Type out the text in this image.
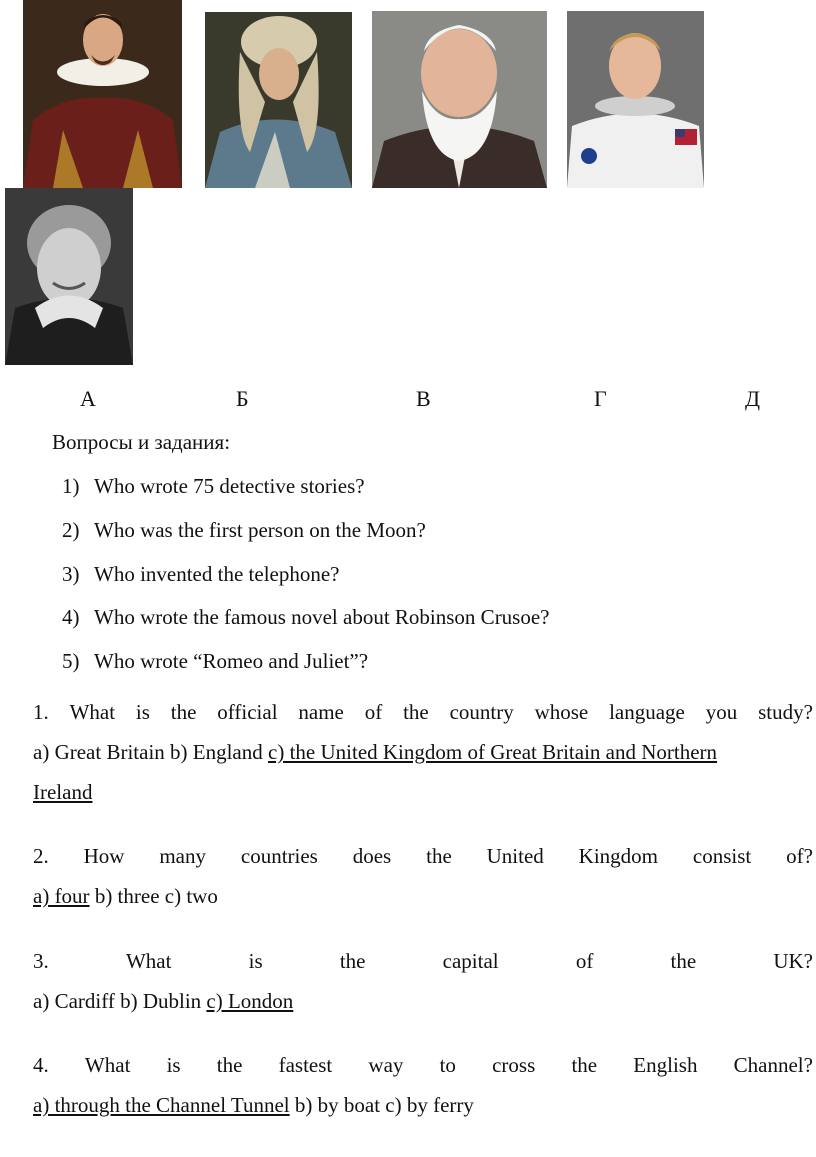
А	Б	В	Г	Д
Вопросы и задания:
1) Who wrote 75 detective stories?
2) Who was the first person on the Moon?
3) Who invented the telephone?
4) Who wrote the famous novel about Robinson Crusoe?
5) Who wrote “Romeo and Juliet”?
1. What is the official name of the country whose language you study?
a) Great Britain b) England c) the United Kingdom of Great Britain and Northern
Ireland
2. How many countries does the United Kingdom consist of?
a) four b) three c) two
3.	What	is	the	capital	of	the	UK?
a) Cardiff b) Dublin c) London
4. What is the fastest way to cross the English Channel?
a) through the Channel Tunnel b) by boat c) by ferry
